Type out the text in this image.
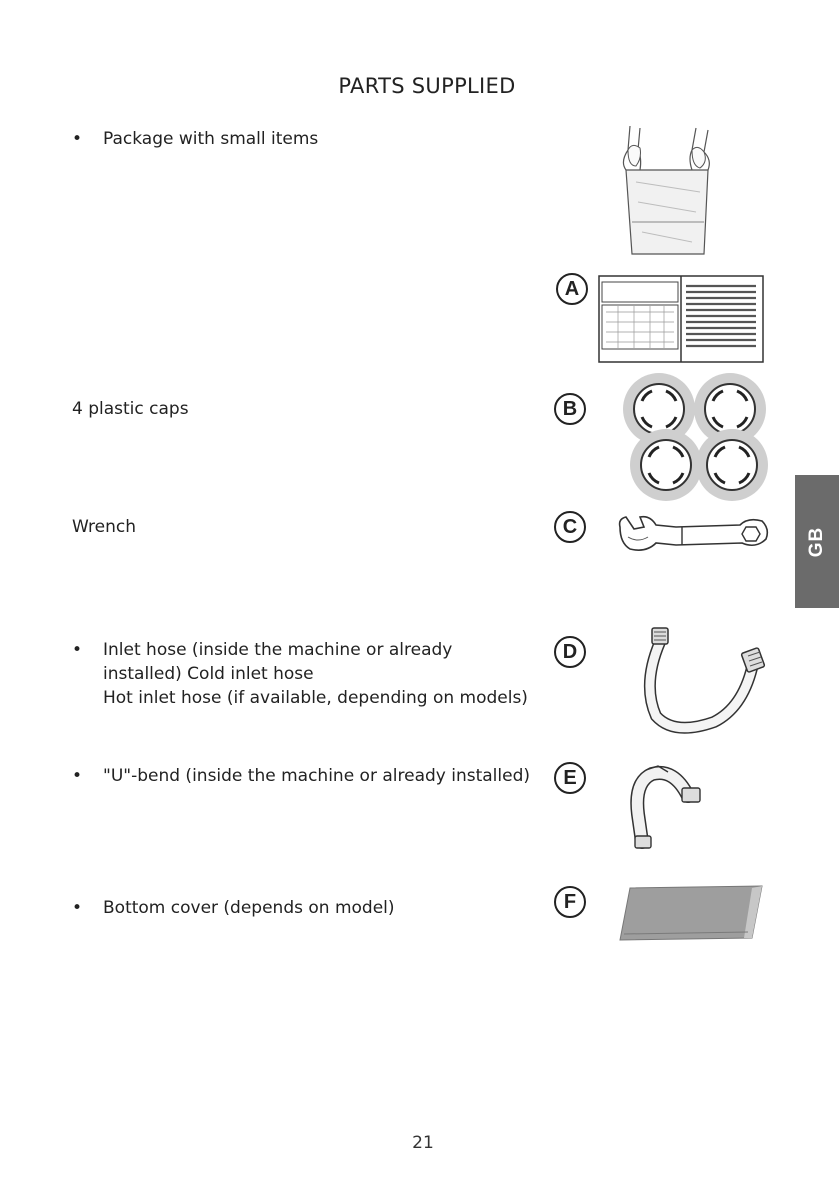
PARTS SUPPLIED
• Package with small items
A
4 plastic caps	B
Wrench	C
• Inlet hose (inside the machine or already
installed) Cold inlet hose
Hot inlet hose (if available, depending on models)
D
• "U"-bend (inside the machine or already installed)	E
• Bottom cover (depends on model)	F
GB
21
